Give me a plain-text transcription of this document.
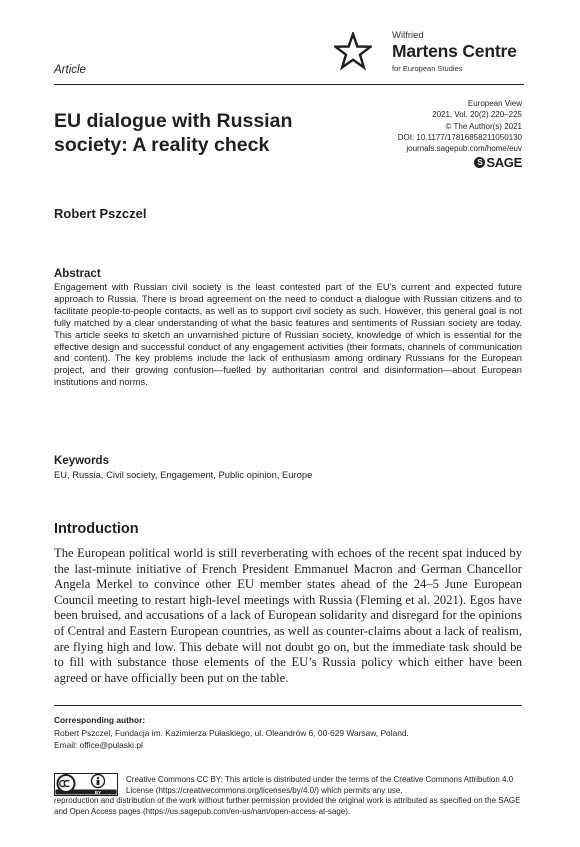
Article
Wilfried
Martens Centre
for European Studies
EU dialogue with Russian
society: A reality check
European View
2021, Vol. 20(2) 220–225
© The Author(s) 2021
DOI: 10.1177/17816858211050130
journals.sagepub.com/home/euv
S SAGE
Robert Pszczel
Abstract
Engagement with Russian civil society is the least contested part of the EU’s current and expected future approach to Russia. There is broad agreement on the need to conduct a dialogue with Russian citizens and to facilitate people-to-people contacts, as well as to support civil society as such. However, this general goal is not fully matched by a clear understanding of what the basic features and sentiments of Russian society are today. This article seeks to sketch an unvarnished picture of Russian society, knowledge of which is essential for the effective design and successful conduct of any engagement activities (their formats, channels of communication and content). The key problems include the lack of enthusiasm among ordinary Russians for the European project, and their growing confusion—fuelled by authoritarian control and disinformation—about European institutions and norms.
Keywords
EU, Russia, Civil society, Engagement, Public opinion, Europe
Introduction
The European political world is still reverberating with echoes of the recent spat induced by the last-minute initiative of French President Emmanuel Macron and German Chancellor Angela Merkel to convince other EU member states ahead of the 24–5 June European Council meeting to restart high-level meetings with Russia (Fleming et al. 2021). Egos have been bruised, and accusations of a lack of European solidarity and disregard for the opinions of Central and Eastern European countries, as well as counter-claims about a lack of realism, are flying high and low. This debate will not doubt go on, but the immediate task should be to fill with substance those elements of the EU’s Russia policy which either have been agreed or have officially been put on the table.
Corresponding author:
Robert Pszczel, Fundacja im. Kazimierza Pułaskiego, ul. Oleandrów 6, 00-629 Warsaw, Poland.
Email: office@pulaski.pl
BY
Creative Commons CC BY: This article is distributed under the terms of the Creative Commons Attribution 4.0 License (https://creativecommons.org/licenses/by/4.0/) which permits any use,
reproduction and distribution of the work without further permission provided the original work is attributed as specified on the SAGE and Open Access pages (https://us.sagepub.com/en-us/nam/open-access-at-sage).
